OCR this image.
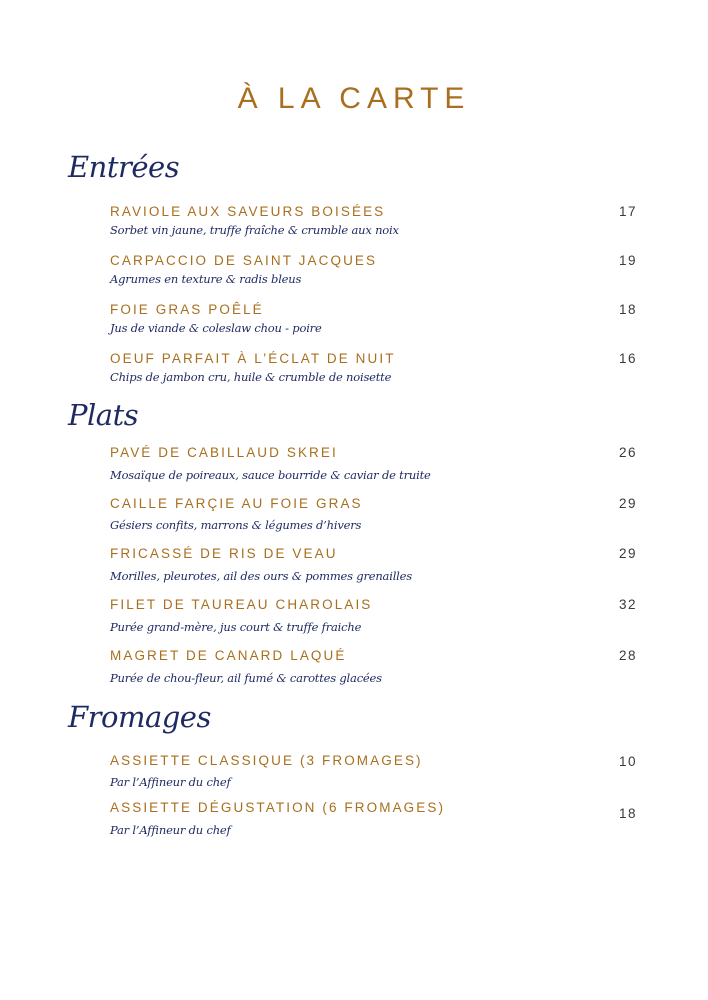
À LA CARTE
Entrées
RAVIOLE AUX SAVEURS BOISÉES	17
Sorbet vin jaune, truffe fraîche & crumble aux noix
CARPACCIO DE SAINT JACQUES	19
Agrumes en texture & radis bleus
FOIE GRAS POÊLÉ	18
Jus de viande & coleslaw chou - poire
OEUF PARFAIT À L’ÉCLAT DE NUIT	16
Chips de jambon cru, huile & crumble de noisette
Plats
PAVÉ DE CABILLAUD SKREI	26
Mosaïque de poireaux, sauce bourride & caviar de truite
CAILLE FARÇIE AU FOIE GRAS	29
Gésiers confits, marrons & légumes d’hivers
FRICASSÉ DE RIS DE VEAU	29
Morilles, pleurotes, ail des ours & pommes grenailles
FILET DE TAUREAU CHAROLAIS	32
Purée grand-mère, jus court & truffe fraiche
MAGRET DE CANARD LAQUÉ	28
Purée de chou-fleur, ail fumé & carottes glacées
Fromages
ASSIETTE CLASSIQUE (3 FROMAGES)	10
Par l’Affineur du chef
ASSIETTE DÉGUSTATION (6 FROMAGES)	18
Par l’Affineur du chef
